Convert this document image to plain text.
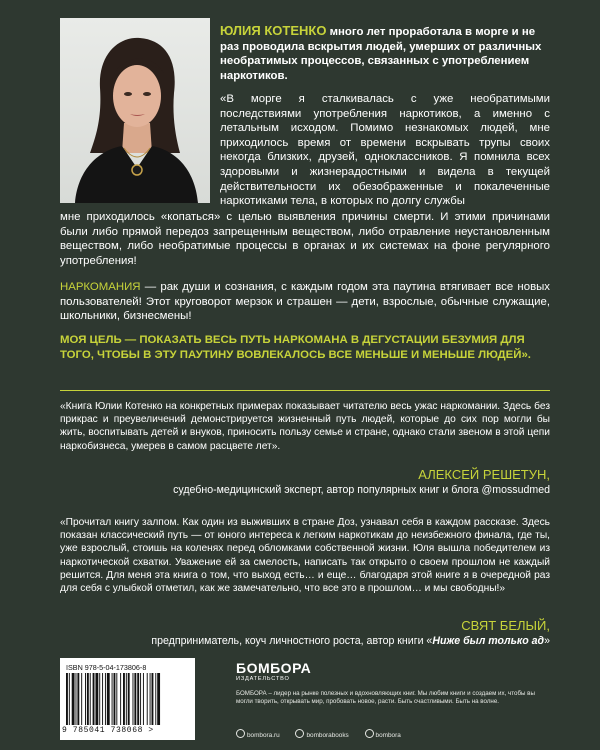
ЮЛИЯ КОТЕНКО много лет проработала в морге и не раз проводила вскрытия людей, умерших от различных необратимых процессов, связанных с употреблением наркотиков.
«В морге я сталкивалась с уже необратимыми последствиями употребления наркотиков, а именно с летальным исходом. Помимо незнакомых людей, мне приходилось время от времени вскрывать трупы своих некогда близких, друзей, одноклассников. Я помнила всех здоровыми и жизнерадостными и видела в текущей действительности их обезображенные и покалеченные наркотиками тела, в которых по долгу службы
мне приходилось «копаться» с целью выявления причины смерти. И этими причинами были либо прямой передоз запрещенным веществом, либо отравление неустановленным веществом, либо необратимые процессы в органах и их системах на фоне регулярного употребления!
НАРКОМАНИЯ — рак души и сознания, с каждым годом эта паутина втягивает все новых пользователей! Этот круговорот мерзок и страшен — дети, взрослые, обычные служащие, школьники, бизнесмены!
МОЯ ЦЕЛЬ — ПОКАЗАТЬ ВЕСЬ ПУТЬ НАРКОМАНА В ДЕГУСТАЦИИ БЕЗУМИЯ ДЛЯ ТОГО, ЧТОБЫ В ЭТУ ПАУТИНУ ВОВЛЕКАЛОСЬ ВСЕ МЕНЬШЕ И МЕНЬШЕ ЛЮДЕЙ».
«Книга Юлии Котенко на конкретных примерах показывает читателю весь ужас наркомании. Здесь без прикрас и преувеличений демонстрируется жизненный путь людей, которые до сих пор могли бы жить, воспитывать детей и внуков, приносить пользу семье и стране, однако стали звеном в этой цепи наркобизнеса, умерев в самом расцвете лет».
АЛЕКСЕЙ РЕШЕТУН,
судебно-медицинский эксперт, автор популярных книг и блога @mossudmed
«Прочитал книгу залпом. Как один из выживших в стране Доз, узнавал себя в каждом рассказе. Здесь показан классический путь — от юного интереса к легким наркотикам до неизбежного финала, где ты, уже взрослый, стоишь на коленях перед обломками собственной жизни. Юля вышла победителем из наркотической схватки. Уважение ей за смелость, написать так открыто о своем прошлом не каждый решится. Для меня эта книга о том, что выход есть… и еще… благодаря этой книге я в очередной раз для себя с улыбкой отметил, как же замечательно, что все это в прошлом… и мы свободны!»
СВЯТ БЕЛЫЙ,
предприниматель, коуч личностного роста, автор книги «Ниже был только ад»
ISBN 978-5-04-173806-8
9 785041 738068 >
БОМБОРА
ИЗДАТЕЛЬСТВО
БОМБОРА – лидер на рынке полезных и вдохновляющих книг. Мы любим книги и создаем их, чтобы вы могли творить, открывать мир, пробовать новое, расти. Быть счастливыми. Быть на волне.
bombora.ru	bomborabooks	bombora
